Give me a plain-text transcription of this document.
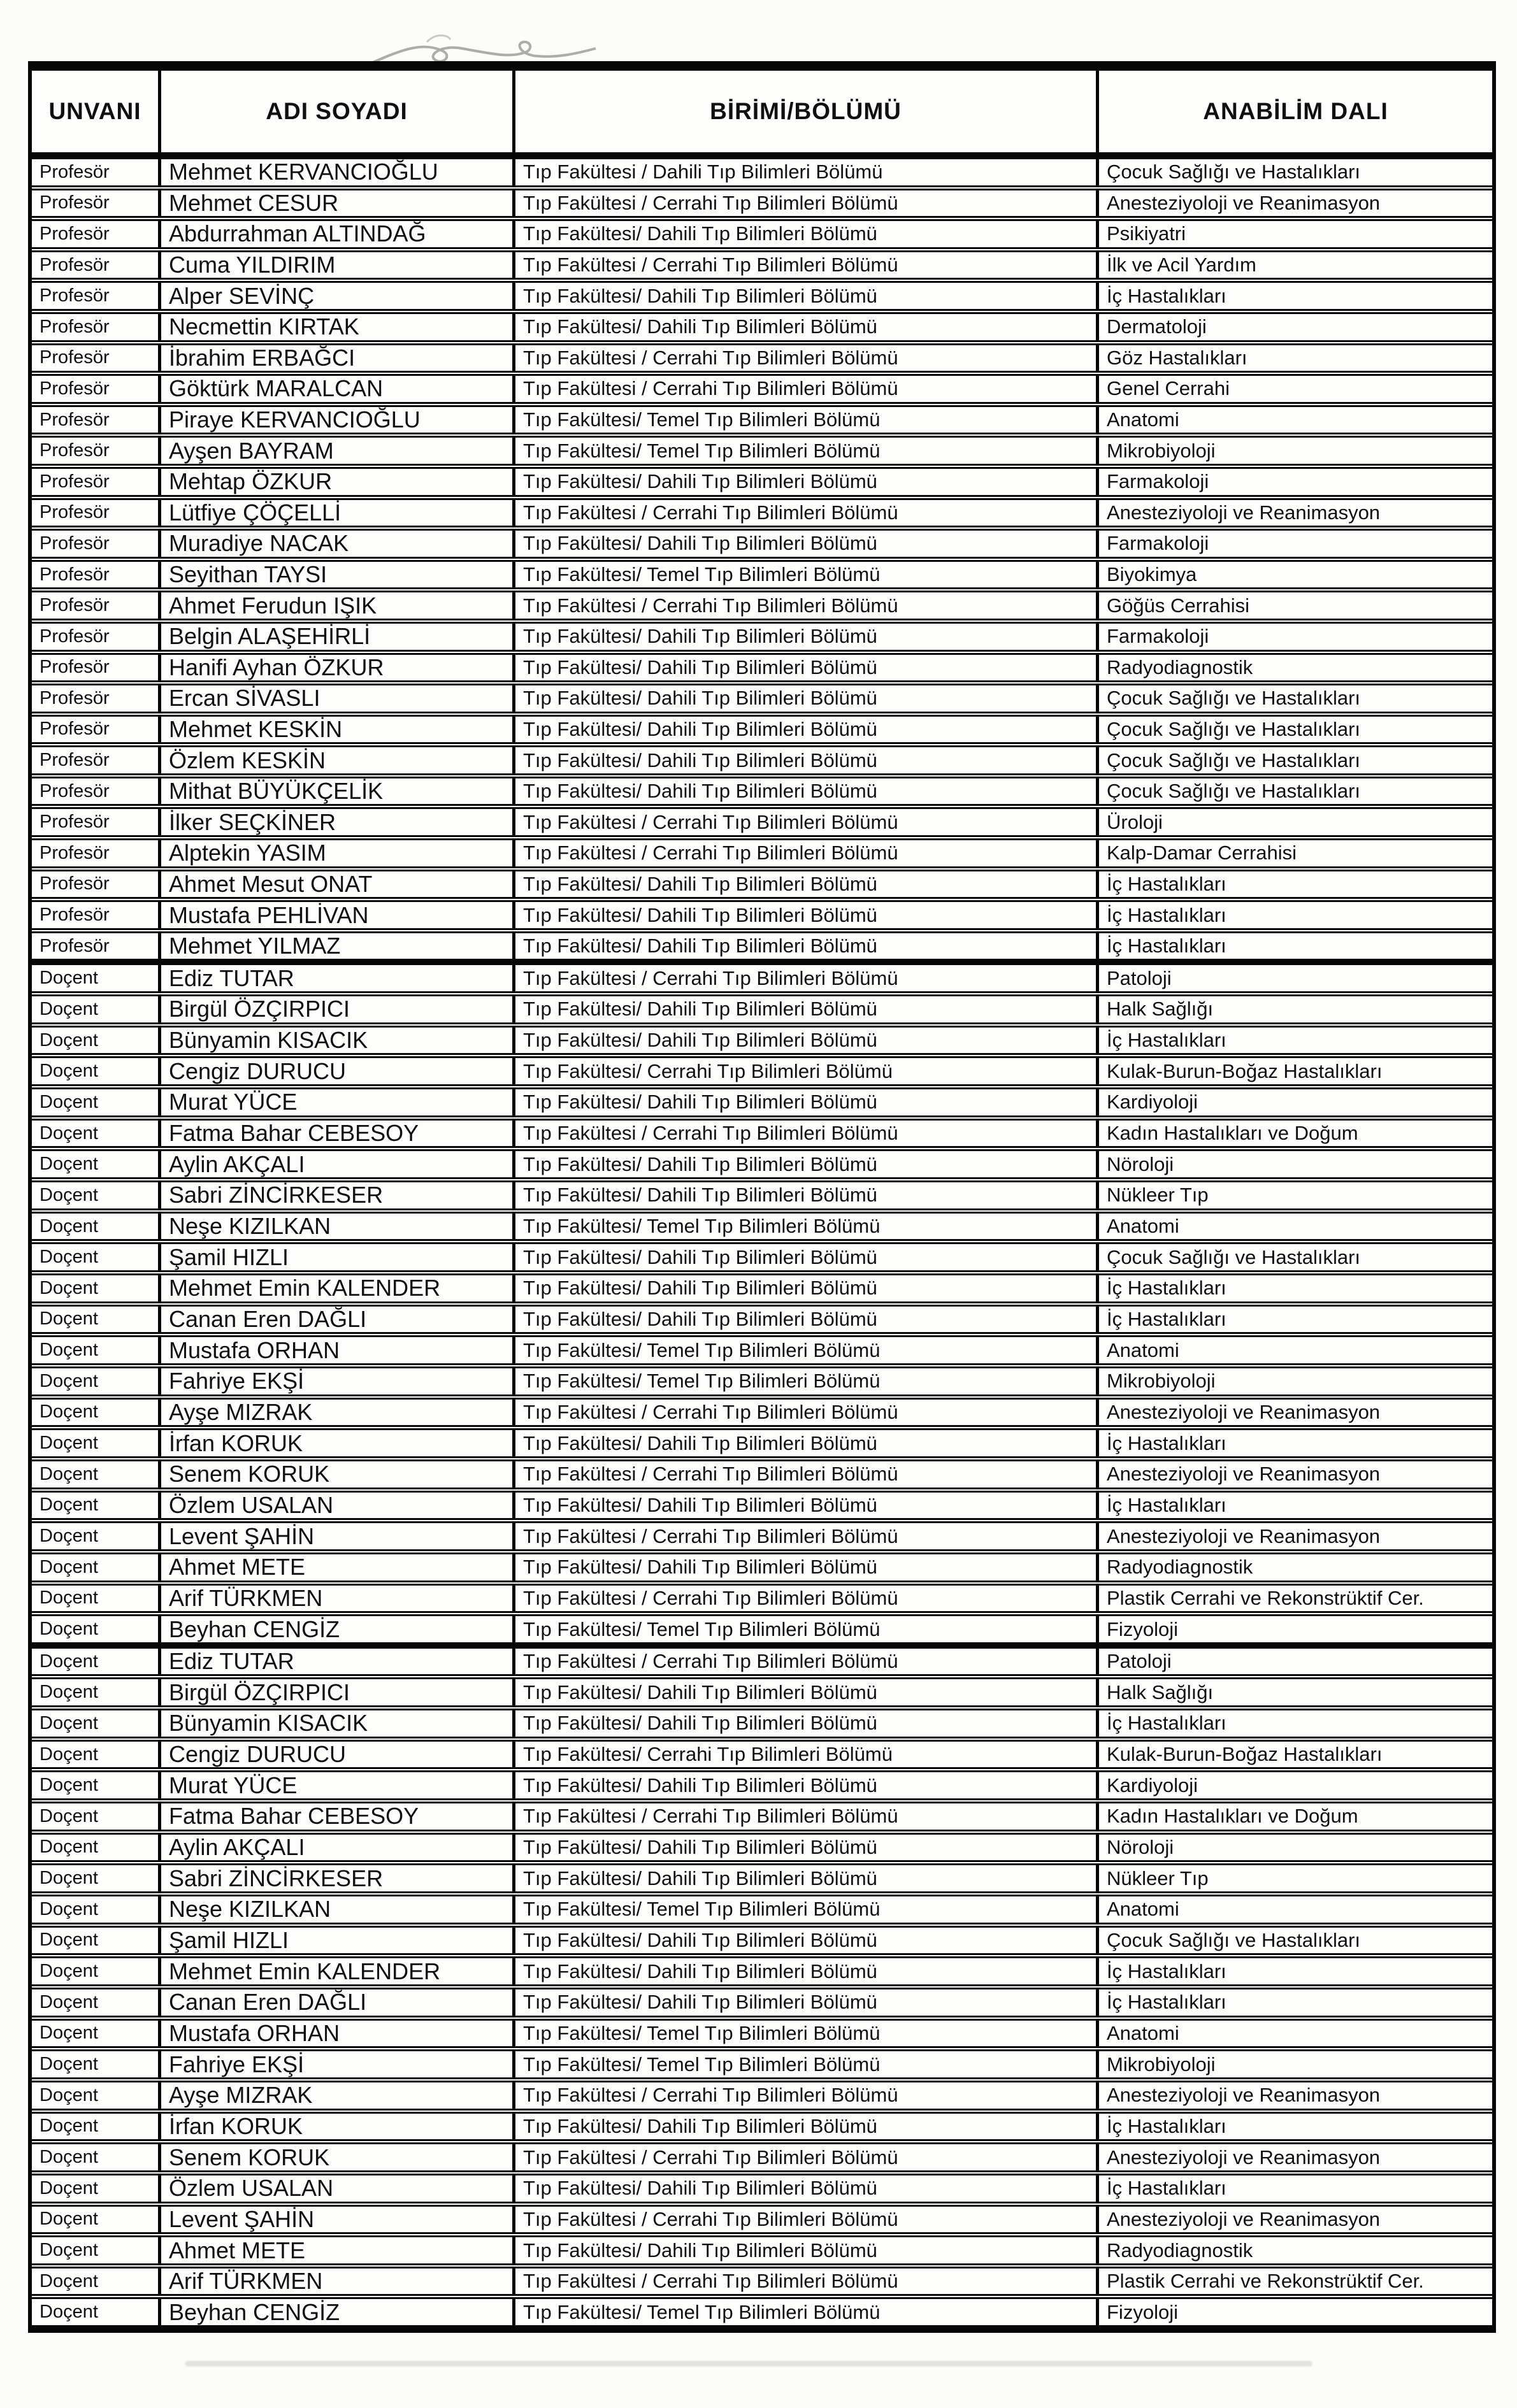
UNVANI	ADI SOYADI	BİRİMİ/BÖLÜMÜ	ANABİLİM DALI
Profesör	Mehmet KERVANCIOĞLU	Tıp Fakültesi / Dahili Tıp Bilimleri Bölümü	Çocuk Sağlığı ve Hastalıkları
Profesör	Mehmet CESUR	Tıp Fakültesi / Cerrahi Tıp Bilimleri Bölümü	Anesteziyoloji ve Reanimasyon
Profesör	Abdurrahman ALTINDAĞ	Tıp Fakültesi/ Dahili Tıp Bilimleri Bölümü	Psikiyatri
Profesör	Cuma YILDIRIM	Tıp Fakültesi / Cerrahi Tıp Bilimleri Bölümü	İlk ve Acil Yardım
Profesör	Alper SEVİNÇ	Tıp Fakültesi/ Dahili Tıp Bilimleri Bölümü	İç Hastalıkları
Profesör	Necmettin KIRTAK	Tıp Fakültesi/ Dahili Tıp Bilimleri Bölümü	Dermatoloji
Profesör	İbrahim ERBAĞCI	Tıp Fakültesi / Cerrahi Tıp Bilimleri Bölümü	Göz Hastalıkları
Profesör	Göktürk MARALCAN	Tıp Fakültesi / Cerrahi Tıp Bilimleri Bölümü	Genel Cerrahi
Profesör	Piraye KERVANCIOĞLU	Tıp Fakültesi/ Temel Tıp Bilimleri Bölümü	Anatomi
Profesör	Ayşen BAYRAM	Tıp Fakültesi/ Temel Tıp Bilimleri Bölümü	Mikrobiyoloji
Profesör	Mehtap ÖZKUR	Tıp Fakültesi/ Dahili Tıp Bilimleri Bölümü	Farmakoloji
Profesör	Lütfiye ÇÖÇELLİ	Tıp Fakültesi / Cerrahi Tıp Bilimleri Bölümü	Anesteziyoloji ve Reanimasyon
Profesör	Muradiye NACAK	Tıp Fakültesi/ Dahili Tıp Bilimleri Bölümü	Farmakoloji
Profesör	Seyithan TAYSI	Tıp Fakültesi/ Temel Tıp Bilimleri Bölümü	Biyokimya
Profesör	Ahmet Ferudun IŞIK	Tıp Fakültesi / Cerrahi Tıp Bilimleri Bölümü	Göğüs Cerrahisi
Profesör	Belgin ALAŞEHİRLİ	Tıp Fakültesi/ Dahili Tıp Bilimleri Bölümü	Farmakoloji
Profesör	Hanifi Ayhan ÖZKUR	Tıp Fakültesi/ Dahili Tıp Bilimleri Bölümü	Radyodiagnostik
Profesör	Ercan SİVASLI	Tıp Fakültesi/ Dahili Tıp Bilimleri Bölümü	Çocuk Sağlığı ve Hastalıkları
Profesör	Mehmet KESKİN	Tıp Fakültesi/ Dahili Tıp Bilimleri Bölümü	Çocuk Sağlığı ve Hastalıkları
Profesör	Özlem KESKİN	Tıp Fakültesi/ Dahili Tıp Bilimleri Bölümü	Çocuk Sağlığı ve Hastalıkları
Profesör	Mithat BÜYÜKÇELİK	Tıp Fakültesi/ Dahili Tıp Bilimleri Bölümü	Çocuk Sağlığı ve Hastalıkları
Profesör	İlker SEÇKİNER	Tıp Fakültesi / Cerrahi Tıp Bilimleri Bölümü	Üroloji
Profesör	Alptekin YASIM	Tıp Fakültesi / Cerrahi Tıp Bilimleri Bölümü	Kalp-Damar Cerrahisi
Profesör	Ahmet Mesut ONAT	Tıp Fakültesi/ Dahili Tıp Bilimleri Bölümü	İç Hastalıkları
Profesör	Mustafa PEHLİVAN	Tıp Fakültesi/ Dahili Tıp Bilimleri Bölümü	İç Hastalıkları
Profesör	Mehmet YILMAZ	Tıp Fakültesi/ Dahili Tıp Bilimleri Bölümü	İç Hastalıkları
Doçent	Ediz TUTAR	Tıp Fakültesi / Cerrahi Tıp Bilimleri Bölümü	Patoloji
Doçent	Birgül ÖZÇIRPICI	Tıp Fakültesi/ Dahili Tıp Bilimleri Bölümü	Halk Sağlığı
Doçent	Bünyamin KISACIK	Tıp Fakültesi/ Dahili Tıp Bilimleri Bölümü	İç Hastalıkları
Doçent	Cengiz DURUCU	Tıp Fakültesi/ Cerrahi Tıp Bilimleri Bölümü	Kulak-Burun-Boğaz Hastalıkları
Doçent	Murat YÜCE	Tıp Fakültesi/ Dahili Tıp Bilimleri Bölümü	Kardiyoloji
Doçent	Fatma Bahar CEBESOY	Tıp Fakültesi / Cerrahi Tıp Bilimleri Bölümü	Kadın Hastalıkları ve Doğum
Doçent	Aylin AKÇALI	Tıp Fakültesi/ Dahili Tıp Bilimleri Bölümü	Nöroloji
Doçent	Sabri ZİNCİRKESER	Tıp Fakültesi/ Dahili Tıp Bilimleri Bölümü	Nükleer Tıp
Doçent	Neşe KIZILKAN	Tıp Fakültesi/ Temel Tıp Bilimleri Bölümü	Anatomi
Doçent	Şamil HIZLI	Tıp Fakültesi/ Dahili Tıp Bilimleri Bölümü	Çocuk Sağlığı ve Hastalıkları
Doçent	Mehmet Emin KALENDER	Tıp Fakültesi/ Dahili Tıp Bilimleri Bölümü	İç Hastalıkları
Doçent	Canan Eren DAĞLI	Tıp Fakültesi/ Dahili Tıp Bilimleri Bölümü	İç Hastalıkları
Doçent	Mustafa ORHAN	Tıp Fakültesi/ Temel Tıp Bilimleri Bölümü	Anatomi
Doçent	Fahriye EKŞİ	Tıp Fakültesi/ Temel Tıp Bilimleri Bölümü	Mikrobiyoloji
Doçent	Ayşe MIZRAK	Tıp Fakültesi / Cerrahi Tıp Bilimleri Bölümü	Anesteziyoloji ve Reanimasyon
Doçent	İrfan KORUK	Tıp Fakültesi/ Dahili Tıp Bilimleri Bölümü	İç Hastalıkları
Doçent	Senem KORUK	Tıp Fakültesi / Cerrahi Tıp Bilimleri Bölümü	Anesteziyoloji ve Reanimasyon
Doçent	Özlem USALAN	Tıp Fakültesi/ Dahili Tıp Bilimleri Bölümü	İç Hastalıkları
Doçent	Levent ŞAHİN	Tıp Fakültesi / Cerrahi Tıp Bilimleri Bölümü	Anesteziyoloji ve Reanimasyon
Doçent	Ahmet METE	Tıp Fakültesi/ Dahili Tıp Bilimleri Bölümü	Radyodiagnostik
Doçent	Arif TÜRKMEN	Tıp Fakültesi / Cerrahi Tıp Bilimleri Bölümü	Plastik Cerrahi ve Rekonstrüktif Cer.
Doçent	Beyhan CENGİZ	Tıp Fakültesi/ Temel Tıp Bilimleri Bölümü	Fizyoloji
Doçent	Ediz TUTAR	Tıp Fakültesi / Cerrahi Tıp Bilimleri Bölümü	Patoloji
Doçent	Birgül ÖZÇIRPICI	Tıp Fakültesi/ Dahili Tıp Bilimleri Bölümü	Halk Sağlığı
Doçent	Bünyamin KISACIK	Tıp Fakültesi/ Dahili Tıp Bilimleri Bölümü	İç Hastalıkları
Doçent	Cengiz DURUCU	Tıp Fakültesi/ Cerrahi Tıp Bilimleri Bölümü	Kulak-Burun-Boğaz Hastalıkları
Doçent	Murat YÜCE	Tıp Fakültesi/ Dahili Tıp Bilimleri Bölümü	Kardiyoloji
Doçent	Fatma Bahar CEBESOY	Tıp Fakültesi / Cerrahi Tıp Bilimleri Bölümü	Kadın Hastalıkları ve Doğum
Doçent	Aylin AKÇALI	Tıp Fakültesi/ Dahili Tıp Bilimleri Bölümü	Nöroloji
Doçent	Sabri ZİNCİRKESER	Tıp Fakültesi/ Dahili Tıp Bilimleri Bölümü	Nükleer Tıp
Doçent	Neşe KIZILKAN	Tıp Fakültesi/ Temel Tıp Bilimleri Bölümü	Anatomi
Doçent	Şamil HIZLI	Tıp Fakültesi/ Dahili Tıp Bilimleri Bölümü	Çocuk Sağlığı ve Hastalıkları
Doçent	Mehmet Emin KALENDER	Tıp Fakültesi/ Dahili Tıp Bilimleri Bölümü	İç Hastalıkları
Doçent	Canan Eren DAĞLI	Tıp Fakültesi/ Dahili Tıp Bilimleri Bölümü	İç Hastalıkları
Doçent	Mustafa ORHAN	Tıp Fakültesi/ Temel Tıp Bilimleri Bölümü	Anatomi
Doçent	Fahriye EKŞİ	Tıp Fakültesi/ Temel Tıp Bilimleri Bölümü	Mikrobiyoloji
Doçent	Ayşe MIZRAK	Tıp Fakültesi / Cerrahi Tıp Bilimleri Bölümü	Anesteziyoloji ve Reanimasyon
Doçent	İrfan KORUK	Tıp Fakültesi/ Dahili Tıp Bilimleri Bölümü	İç Hastalıkları
Doçent	Senem KORUK	Tıp Fakültesi / Cerrahi Tıp Bilimleri Bölümü	Anesteziyoloji ve Reanimasyon
Doçent	Özlem USALAN	Tıp Fakültesi/ Dahili Tıp Bilimleri Bölümü	İç Hastalıkları
Doçent	Levent ŞAHİN	Tıp Fakültesi / Cerrahi Tıp Bilimleri Bölümü	Anesteziyoloji ve Reanimasyon
Doçent	Ahmet METE	Tıp Fakültesi/ Dahili Tıp Bilimleri Bölümü	Radyodiagnostik
Doçent	Arif TÜRKMEN	Tıp Fakültesi / Cerrahi Tıp Bilimleri Bölümü	Plastik Cerrahi ve Rekonstrüktif Cer.
Doçent	Beyhan CENGİZ	Tıp Fakültesi/ Temel Tıp Bilimleri Bölümü	Fizyoloji
